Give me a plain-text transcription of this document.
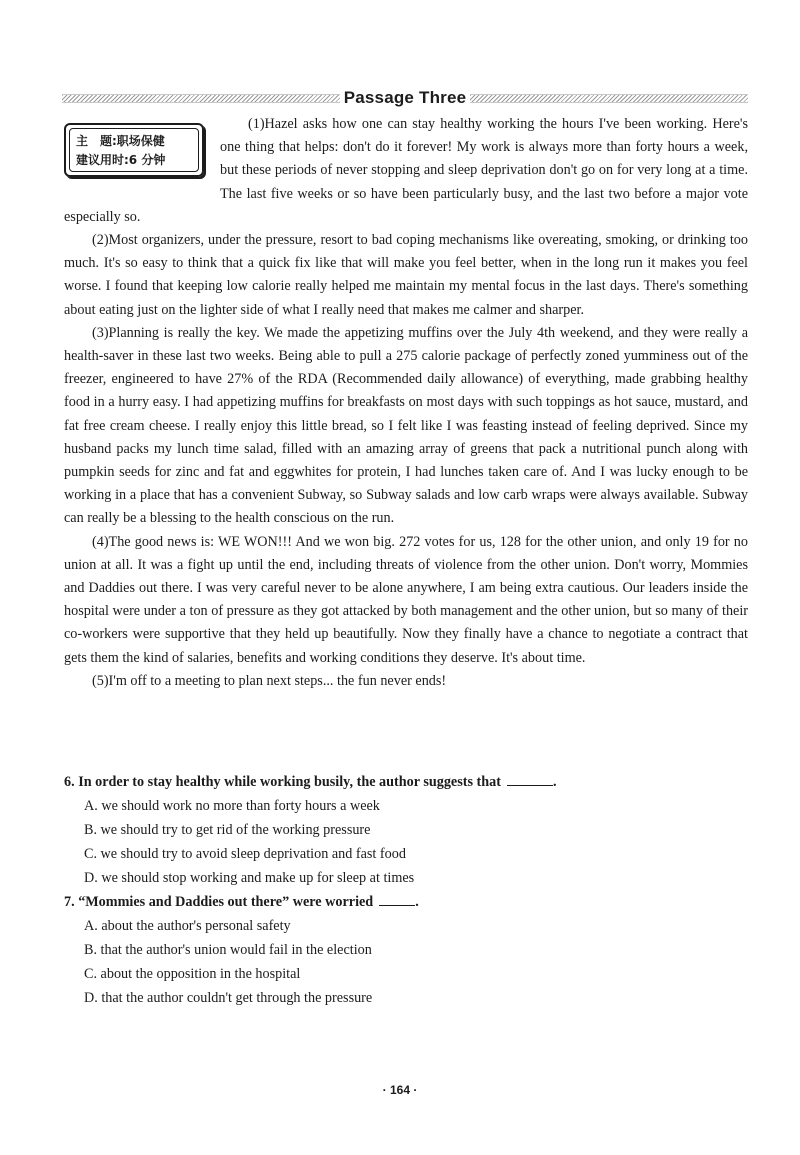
Passage Three
主　题:职场保健
建议用时:6 分钟

(1)Hazel asks how one can stay healthy working the hours I've been working. Here's one thing that helps: don't do it forever! My work is always more than forty hours a week, but these periods of never stopping and sleep deprivation don't go on for very long at a time. The last five weeks or so have been particularly busy, and the last two before a major vote especially so.

(2)Most organizers, under the pressure, resort to bad coping mechanisms like overeating, smoking, or drinking too much. It's so easy to think that a quick fix like that will make you feel better, when in the long run it makes you feel worse. I found that keeping low calorie really helped me maintain my mental focus in the last days. There's something about eating just on the lighter side of what I really need that makes me calmer and sharper.

(3)Planning is really the key. We made the appetizing muffins over the July 4th weekend, and they were really a health-saver in these last two weeks. Being able to pull a 275 calorie package of perfectly zoned yumminess out of the freezer, engineered to have 27% of the RDA (Recommended daily allowance) of everything, made grabbing healthy food in a hurry easy. I had appetizing muffins for breakfasts on most days with such toppings as hot sauce, mustard, and fat free cream cheese. I really enjoy this little bread, so I felt like I was feasting instead of feeling deprived. Since my husband packs my lunch time salad, filled with an amazing array of greens that pack a nutritional punch along with pumpkin seeds for zinc and fat and eggwhites for protein, I had lunches taken care of. And I was lucky enough to be working in a place that has a convenient Subway, so Subway salads and low carb wraps were always available. Subway can really be a blessing to the health conscious on the run.

(4)The good news is: WE WON!!! And we won big. 272 votes for us, 128 for the other union, and only 19 for no union at all. It was a fight up until the end, including threats of violence from the other union. Don't worry, Mommies and Daddies out there. I was very careful never to be alone anywhere, I am being extra cautious. Our leaders inside the hospital were under a ton of pressure as they got attacked by both management and the other union, but so many of their co-workers were supportive that they held up beautifully. Now they finally have a chance to negotiate a contract that gets them the kind of salaries, benefits and working conditions they deserve. It's about time.

(5)I'm off to a meeting to plan next steps... the fun never ends!

6. In order to stay healthy while working busily, the author suggests that	.
A. we should work no more than forty hours a week
B. we should try to get rid of the working pressure
C. we should try to avoid sleep deprivation and fast food
D. we should stop working and make up for sleep at times
7. “Mommies and Daddies out there” were worried	.
A. about the author's personal safety
B. that the author's union would fail in the election
C. about the opposition in the hospital
D. that the author couldn't get through the pressure
· 164 ·
